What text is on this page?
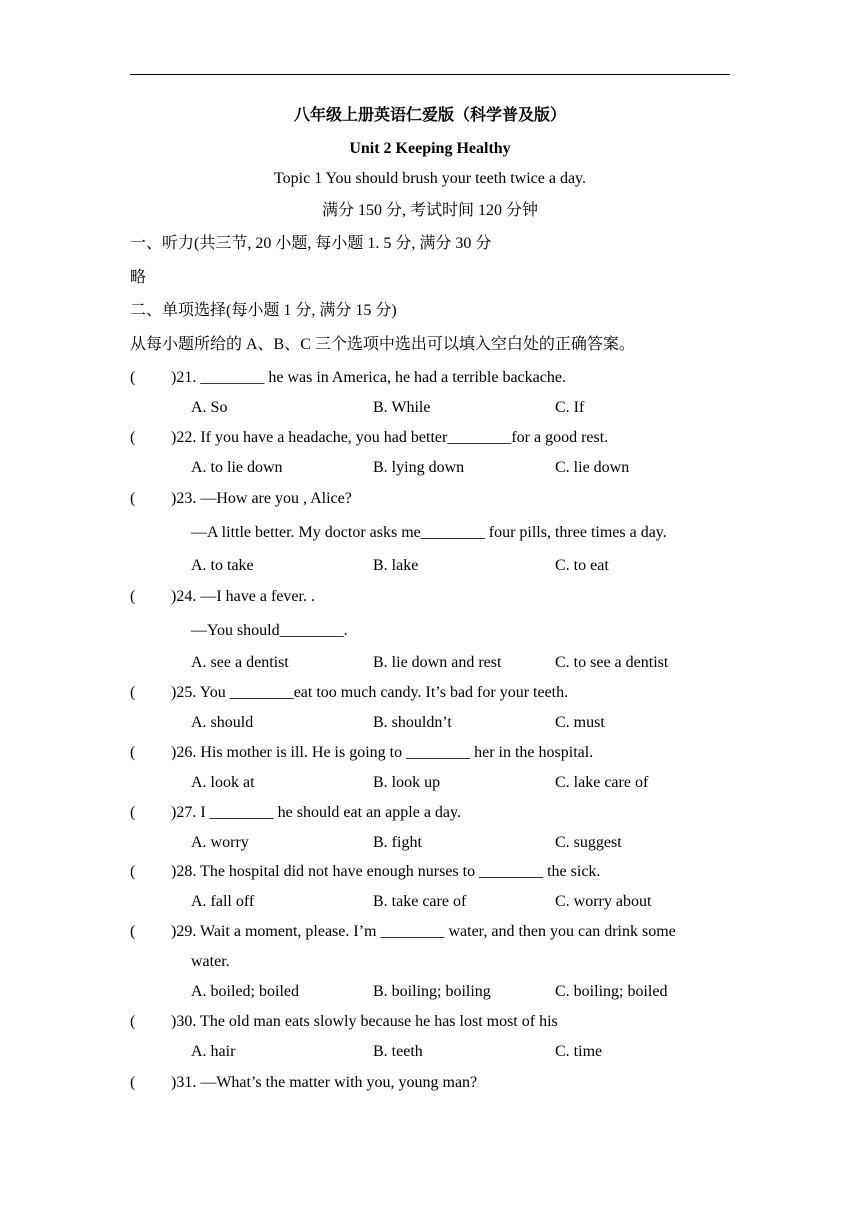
八年级上册英语仁爱版（科学普及版）
Unit 2 Keeping Healthy
Topic 1 You should brush your teeth twice a day.
满分 150 分, 考试时间 120 分钟
一、听力(共三节, 20 小题, 每小题 1. 5 分, 满分 30 分
略
二、单项选择(每小题 1 分, 满分 15 分)
从每小题所给的 A、B、C 三个选项中选出可以填入空白处的正确答案。
( )21. ________ he was in America, he had a terrible backache.
A. So	B. While	C. If
( )22. If you have a headache, you had better________for a good rest.
A. to lie down	B. lying down	C. lie down
( )23. —How are you , Alice?
—A little better. My doctor asks me________ four pills, three times a day.
A. to take	B. lake	C. to eat
( )24. —I have a fever. .
—You should________.
A. see a dentist	B. lie down and rest	C. to see a dentist
( )25. You ________eat too much candy. It’s bad for your teeth.
A. should	B. shouldn’t	C. must
( )26. His mother is ill. He is going to ________ her in the hospital.
A. look at	B. look up	C. lake care of
( )27. I ________ he should eat an apple a day.
A. worry	B. fight	C. suggest
( )28. The hospital did not have enough nurses to ________ the sick.
A. fall off	B. take care of	C. worry about
( )29. Wait a moment, please. I’m ________ water, and then you can drink some
water.
A. boiled; boiled	B. boiling; boiling	C. boiling; boiled
( )30. The old man eats slowly because he has lost most of his
A. hair	B. teeth	C. time
( )31. —What’s the matter with you, young man?
